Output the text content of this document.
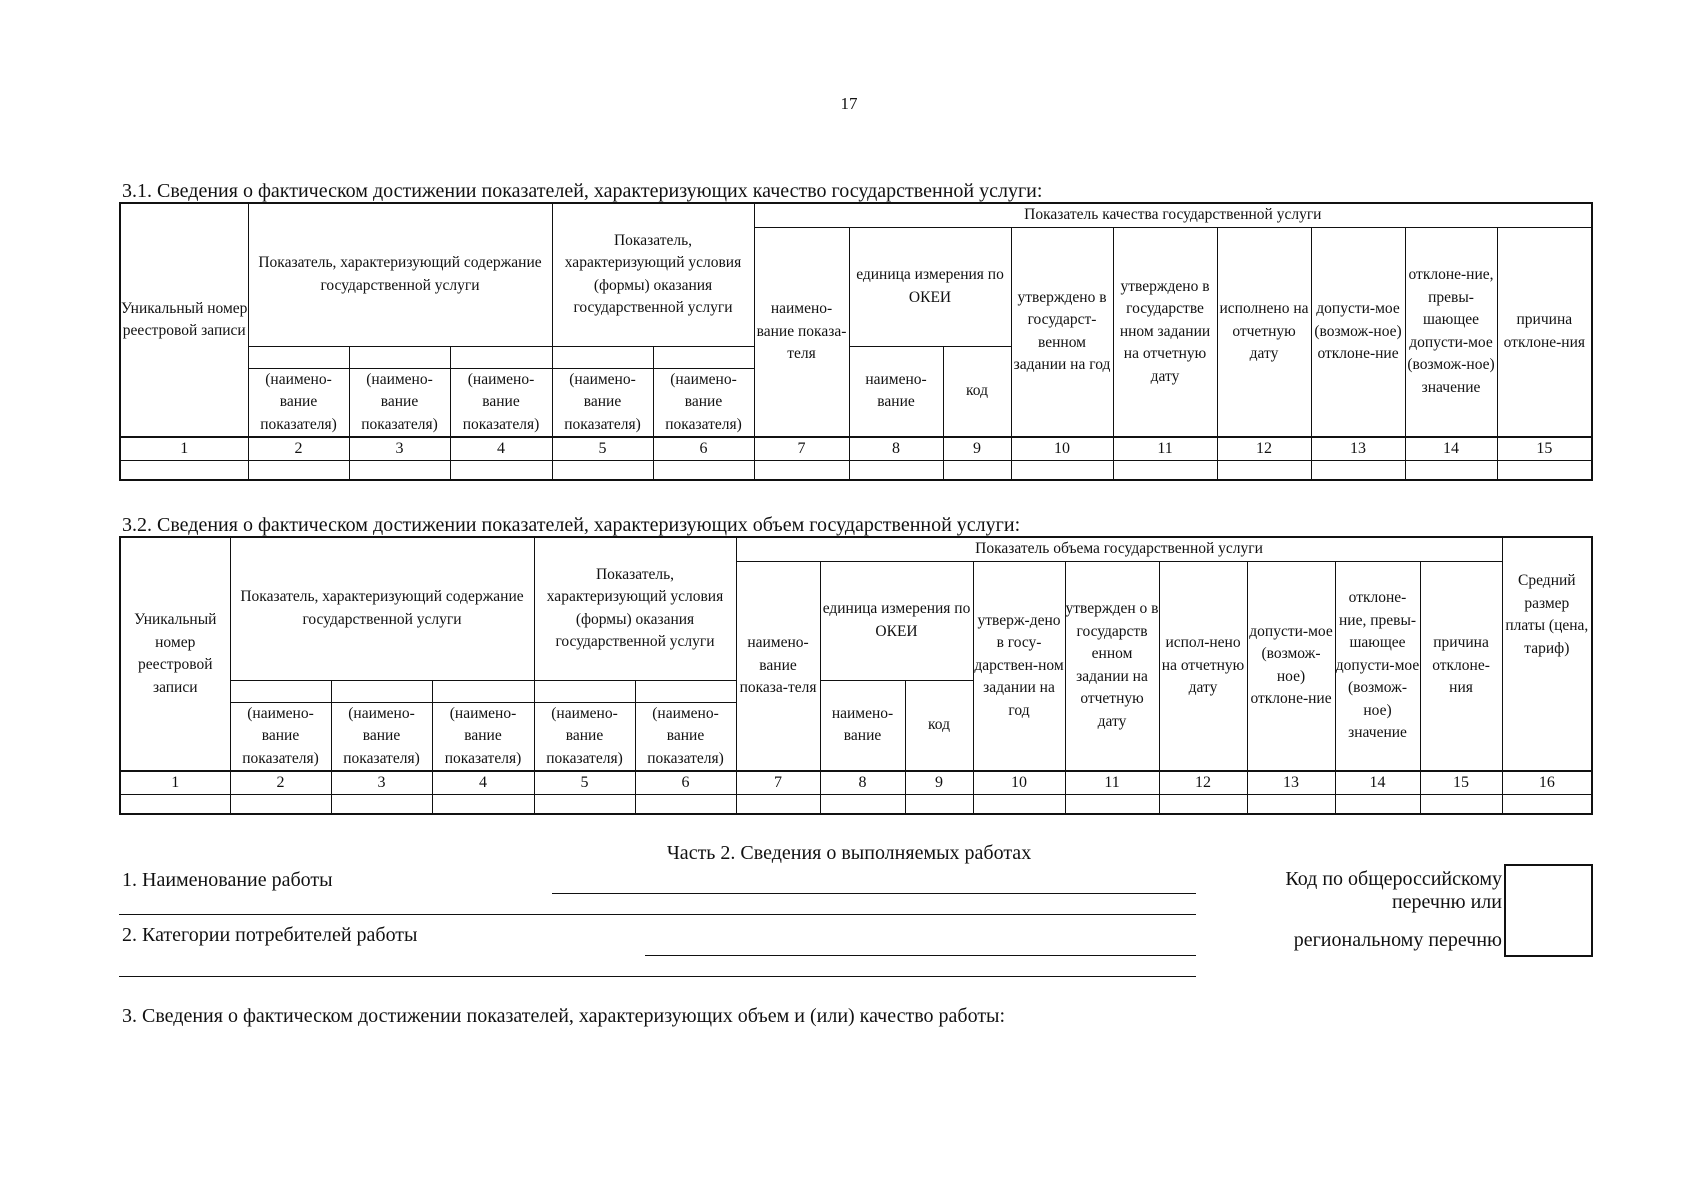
17
3.1. Сведения о фактическом достижении показателей, характеризующих качество государственной услуги:
Уникальный номер реестровой записи	Показатель, характеризующий содержание государственной услуги			Показатель, характеризующий условия (формы) оказания государственной услуги		Показатель качества государственной услуги								
						наимено-вание показа-теля	единица измерения по ОКЕИ		утверждено в государст-венном задании на год	утверждено в государстве нном задании на отчетную дату	исполнено на отчетную дату	допусти-мое (возмож-ное) отклоне-ние	отклоне-ние, превы-шающее допусти-мое (возмож-ное) значение	причина отклоне-ния
							наимено-вание	код						
	(наимено-вание показателя)	(наимено-вание показателя)	(наимено-вание показателя)	(наимено-вание показателя)	(наимено-вание показателя)									
1	2	3	4	5	6	7	8	9	10	11	12	13	14	15

3.2. Сведения о фактическом достижении показателей, характеризующих объем государственной услуги:
Уникальный номер реестровой записи	Показатель, характеризующий содержание государственной услуги			Показатель, характеризующий условия (формы) оказания государственной услуги		Показатель объема государственной услуги									Средний размер платы (цена, тариф)
						наимено-вание показа-теля	единица измерения по ОКЕИ		утверж-дено в госу-дарствен-ном задании на год	утвержден о в государств енном задании на отчетную дату	испол-нено на отчетную дату	допусти-мое (возмож-ное) отклоне-ние	отклоне-ние, превы-шающее допусти-мое (возмож-ное) значение	причина отклоне-ния	
							наимено-вание	код							
	(наимено-вание показателя)	(наимено-вание показателя)	(наимено-вание показателя)	(наимено-вание показателя)	(наимено-вание показателя)										
1	2	3	4	5	6	7	8	9	10	11	12	13	14	15	16

Часть 2. Сведения о выполняемых работах
1. Наименование работы
2. Категории потребителей работы
Код по общероссийскому
перечню или
региональному перечню
3. Сведения о фактическом достижении показателей, характеризующих объем и (или) качество работы:
